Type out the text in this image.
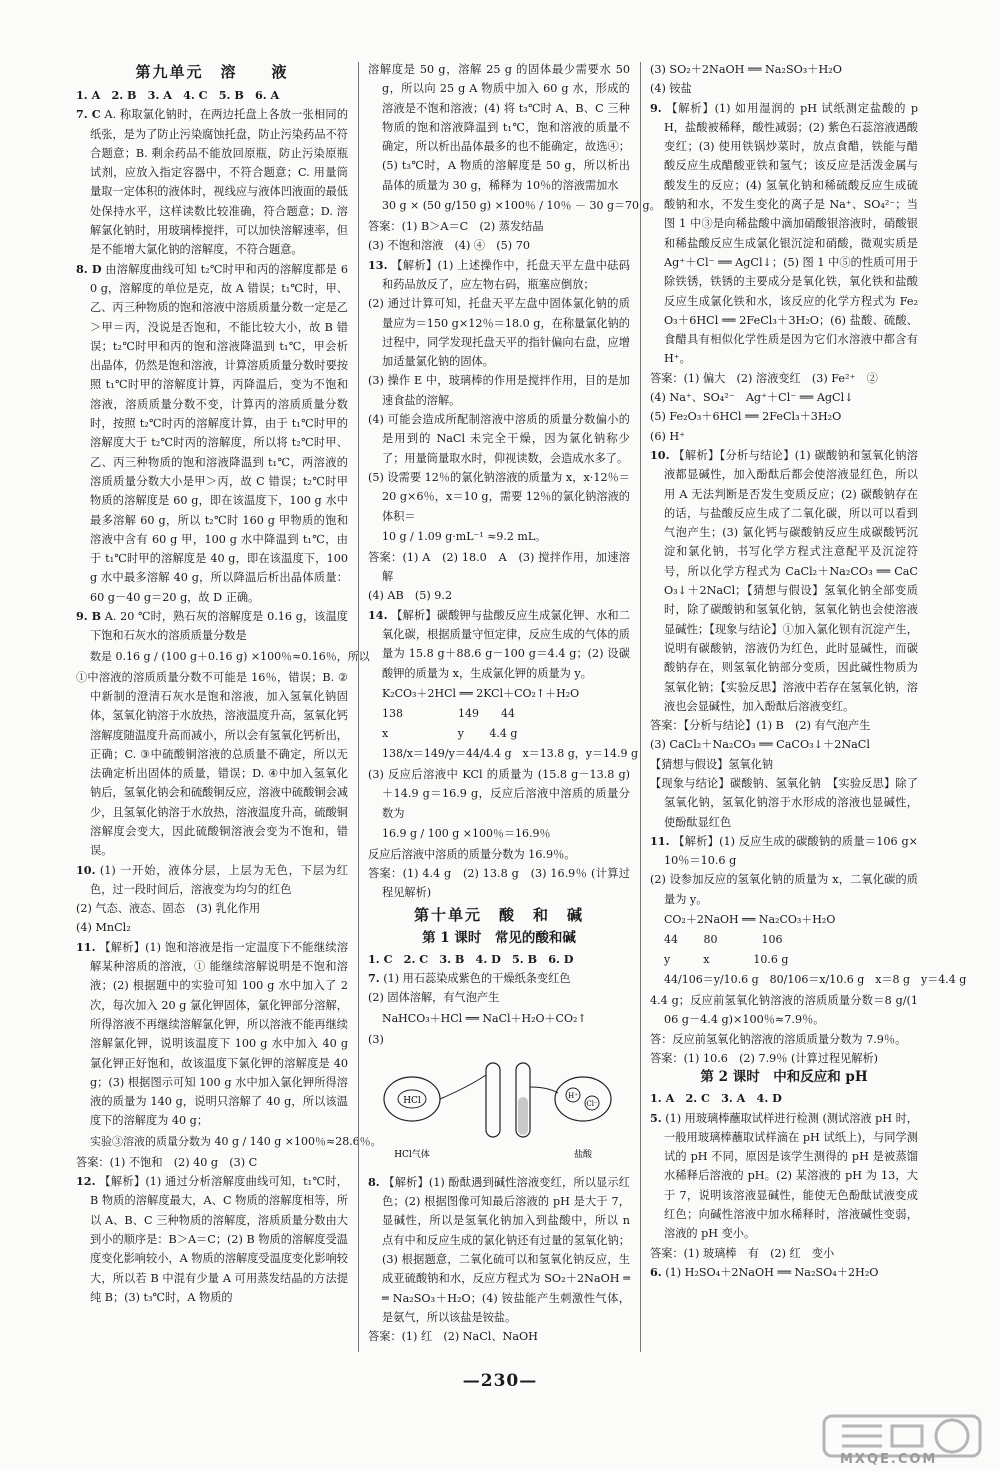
第九单元　溶　　液
1. A　2. B　3. A　4. C　5. B　6. A
7. C A. 称取氯化钠时，在两边托盘上各放一张相同的纸张，是为了防止污染腐蚀托盘，防止污染药品不符合题意；B. 剩余药品不能放回原瓶，防止污染原瓶试剂，应放入指定容器中，不符合题意；C. 用量筒量取一定体积的液体时，视线应与液体凹液面的最低处保持水平，这样读数比较准确，符合题意；D. 溶解氯化钠时，用玻璃棒搅拌，可以加快溶解速率，但是不能增大氯化钠的溶解度，不符合题意。
8. D 由溶解度曲线可知 t₂℃时甲和丙的溶解度都是 60 g，溶解度的单位是克，故 A 错误；t₁℃时，甲、乙、丙三种物质的饱和溶液中溶质质量分数一定是乙＞甲＝丙，没说是否饱和，不能比较大小，故 B 错误；t₂℃时甲和丙的饱和溶液降温到 t₁℃，甲会析出晶体，仍然是饱和溶液，计算溶质质量分数时要按照 t₁℃时甲的溶解度计算，丙降温后，变为不饱和溶液，溶质质量分数不变，计算丙的溶质质量分数时，按照 t₂℃时丙的溶解度计算，由于 t₁℃时甲的溶解度大于 t₂℃时丙的溶解度，所以将 t₂℃时甲、乙、丙三种物质的饱和溶液降温到 t₁℃，两溶液的溶质质量分数大小是甲＞丙，故 C 错误；t₂℃时甲物质的溶解度是 60 g，即在该温度下，100 g 水中最多溶解 60 g，所以 t₂℃时 160 g 甲物质的饱和溶液中含有 60 g 甲，100 g 水中降温到 t₁℃，由于 t₁℃时甲的溶解度是 40 g，即在该温度下，100 g 水中最多溶解 40 g，所以降温后析出晶体质量：60 g－40 g＝20 g，故 D 正确。
9. B A. 20 ℃时，熟石灰的溶解度是 0.16 g，该温度下饱和石灰水的溶质质量分数是
数是 0.16 g / (100 g＋0.16 g) ×100％≈0.16％，所以
①中溶液的溶质质量分数不可能是 16％，错误；B. ②中新制的澄清石灰水是饱和溶液，加入氢氧化钠固体，氢氧化钠溶于水放热，溶液温度升高，氢氧化钙溶解度随温度升高而减小，所以会有氢氧化钙析出，正确；C. ③中硫酸铜溶液的总质量不确定，所以无法确定析出固体的质量，错误；D. ④中加入氢氧化钠后，氢氧化钠会和硫酸铜反应，溶液中硫酸铜会减少，且氢氧化钠溶于水放热，溶液温度升高，硫酸铜溶解度会变大，因此硫酸铜溶液会变为不饱和，错误。
10. (1) 一开始，液体分层，上层为无色，下层为红色，过一段时间后，溶液变为均匀的红色
(2) 气态、液态、固态　(3) 乳化作用
(4) MnCl₂
11. 【解析】(1) 饱和溶液是指一定温度下不能继续溶解某种溶质的溶液，① 能继续溶解说明是不饱和溶液；(2) 根据题中的实验可知 100 g 水中加入了 2 次，每次加入 20 g 氯化钾固体，氯化钾部分溶解，所得溶液不再继续溶解氯化钾，所以溶液不能再继续溶解氯化钾，说明该温度下 100 g 水中加入 40 g 氯化钾正好饱和，故该温度下氯化钾的溶解度是 40 g；(3) 根据图示可知 100 g 水中加入氯化钾所得溶液的质量为 140 g，说明只溶解了 40 g，所以该温度下的溶解度为 40 g；
实验③溶液的质量分数为 40 g / 140 g ×100％≈28.6％。
答案：(1) 不饱和　(2) 40 g　(3) C
12. 【解析】(1) 通过分析溶解度曲线可知，t₁℃时，B 物质的溶解度最大，A、C 物质的溶解度相等，所以 A、B、C 三种物质的溶解度，溶质质量分数由大到小的顺序是：B＞A＝C；(2) B 物质的溶解度受温度变化影响较小，A 物质的溶解度受温度变化影响较大，所以若 B 中混有少量 A 可用蒸发结晶的方法提纯 B；(3) t₃℃时，A 物质的
溶解度是 50 g，溶解 25 g 的固体最少需要水 50 g，所以向 25 g A 物质中加入 60 g 水，形成的溶液是不饱和溶液；(4) 将 t₃℃时 A、B、C 三种物质的饱和溶液降温到 t₁℃，饱和溶液的质量不确定，所以析出晶体最多的也不能确定，故选④；(5) t₃℃时，A 物质的溶解度是 50 g，所以析出晶体的质量为 30 g，稀释为 10％的溶液需加水
30 g × (50 g/150 g) ×100％ / 10％ － 30 g＝70 g。
答案：(1) B＞A＝C　(2) 蒸发结晶
(3) 不饱和溶液　(4) ④　(5) 70
13. 【解析】(1) 上述操作中，托盘天平左盘中砝码和药品放反了，应左物右码，瓶塞应倒放；
(2) 通过计算可知，托盘天平左盘中固体氯化钠的质量应为＝150 g×12％＝18.0 g，在称量氯化钠的过程中，同学发现托盘天平的指针偏向右盘，应增加适量氯化钠的固体。
(3) 操作 E 中，玻璃棒的作用是搅拌作用，目的是加速食盐的溶解。
(4) 可能会造成所配制溶液中溶质的质量分数偏小的是用到的 NaCl 未完全干燥，因为氯化钠称少了；用量筒量取水时，仰视读数，会造成水多了。
(5) 设需要 12％的氯化钠溶液的质量为 x，x·12％＝20 g×6％，x＝10 g，需要 12％的氯化钠溶液的体积＝
10 g / 1.09 g·mL⁻¹ ≈9.2 mL。
答案：(1) A　(2) 18.0　A　(3) 搅拌作用，加速溶解
(4) AB　(5) 9.2
14. 【解析】碳酸钾与盐酸反应生成氯化钾、水和二氧化碳，根据质量守恒定律，反应生成的气体的质量为 15.8 g＋88.6 g－100 g＝4.4 g；(2) 设碳酸钾的质量为 x，生成氯化钾的质量为 y。
K₂CO₃＋2HCl ══ 2KCl＋CO₂↑＋H₂O
138　　　　　149　　44
x　　　　　　 y　　 4.4 g
138/x＝149/y＝44/4.4 g　x＝13.8 g，y＝14.9 g
(3) 反应后溶液中 KCl 的质量为 (15.8 g－13.8 g)＋14.9 g＝16.9 g，反应后溶液中溶质的质量分数为
16.9 g / 100 g ×100％＝16.9％
反应后溶液中溶质的质量分数为 16.9％。
答案：(1) 4.4 g　(2) 13.8 g　(3) 16.9％ (计算过程见解析)
第十单元　酸　和　碱
第 1 课时　常见的酸和碱
1. C　2. C　3. B　4. D　5. B　6. D
7. (1) 用石蕊染成紫色的干燥纸条变红色
(2) 固体溶解，有气泡产生
NaHCO₃＋HCl ══ NaCl＋H₂O＋CO₂↑
(3)
HCl	H⁺
Cl⁻
HCl气体	盐酸
8. 【解析】(1) 酚酞遇到碱性溶液变红，所以显示红色；(2) 根据图像可知最后溶液的 pH 是大于 7，显碱性，所以是氢氧化钠加入到盐酸中，所以 n 点有中和反应生成的氯化钠还有过量的氢氧化钠；(3) 根据题意，二氧化硫可以和氢氧化钠反应，生成亚硫酸钠和水，反应方程式为 SO₂＋2NaOH ══ Na₂SO₃＋H₂O；(4) 铵盐能产生刺激性气体，是氨气，所以该盐是铵盐。
答案：(1) 红　(2) NaCl、NaOH
(3) SO₂＋2NaOH ══ Na₂SO₃＋H₂O
(4) 铵盐
9. 【解析】(1) 如用湿润的 pH 试纸测定盐酸的 pH，盐酸被稀释，酸性减弱；(2) 紫色石蕊溶液遇酸变红；(3) 使用铁锅炒菜时，放点食醋，铁能与醋酸反应生成醋酸亚铁和氢气；该反应是活泼金属与酸发生的反应；(4) 氢氧化钠和稀硫酸反应生成硫酸钠和水，不发生变化的离子是 Na⁺、SO₄²⁻；当图 1 中③是向稀盐酸中滴加硝酸银溶液时，硝酸银和稀盐酸反应生成氯化银沉淀和硝酸，微观实质是 Ag⁺＋Cl⁻ ══ AgCl↓；(5) 图 1 中⑤的性质可用于除铁锈，铁锈的主要成分是氧化铁，氧化铁和盐酸反应生成氯化铁和水，该反应的化学方程式为 Fe₂O₃＋6HCl ══ 2FeCl₃＋3H₂O；(6) 盐酸、硫酸、食醋具有相似化学性质是因为它们水溶液中都含有 H⁺。
答案：(1) 偏大　(2) 溶液变红　(3) Fe²⁺　②
(4) Na⁺、SO₄²⁻　Ag⁺＋Cl⁻ ══ AgCl↓
(5) Fe₂O₃＋6HCl ══ 2FeCl₃＋3H₂O
(6) H⁺
10. 【解析】【分析与结论】(1) 碳酸钠和氢氧化钠溶液都显碱性，加入酚酞后都会使溶液显红色，所以用 A 无法判断是否发生变质反应；(2) 碳酸钠存在的话，与盐酸反应生成了二氧化碳，所以可以看到气泡产生；(3) 氯化钙与碳酸钠反应生成碳酸钙沉淀和氯化钠，书写化学方程式注意配平及沉淀符号，所以化学方程式为 CaCl₂＋Na₂CO₃ ══ CaCO₃↓＋2NaCl；【猜想与假设】氢氧化钠全部变质时，除了碳酸钠和氢氧化钠，氢氧化钠也会使溶液显碱性；【现象与结论】①加入氯化钡有沉淀产生，说明有碳酸钠，溶液仍为红色，此时显碱性，而碳酸钠存在，则氢氧化钠部分变质，因此碱性物质为氢氧化钠；【实验反思】溶液中若存在氢氧化钠，溶液也会显碱性，加入酚酞后溶液变红。
答案：【分析与结论】(1) B　(2) 有气泡产生
(3) CaCl₂＋Na₂CO₃ ══ CaCO₃↓＋2NaCl
【猜想与假设】氢氧化钠
【现象与结论】碳酸钠、氢氧化钠　【实验反思】除了氢氧化钠，氢氧化钠溶于水形成的溶液也显碱性，使酚酞显红色
11. 【解析】(1) 反应生成的碳酸钠的质量＝106 g×10％＝10.6 g
(2) 设参加反应的氢氧化钠的质量为 x，二氧化碳的质量为 y。
CO₂＋2NaOH ══ Na₂CO₃＋H₂O
44　　 80　　　　106
y　　　x　　　　10.6 g
44/106＝y/10.6 g　80/106＝x/10.6 g　x＝8 g　y＝4.4 g
4.4 g；反应前氢氧化钠溶液的溶质质量分数＝8 g/(106 g－4.4 g)×100％≈7.9％。
答：反应前氢氧化钠溶液的溶质质量分数为 7.9％。
答案：(1) 10.6　(2) 7.9％ (计算过程见解析)
第 2 课时　中和反应和 pH
1. A　2. C　3. A　4. D
5. (1) 用玻璃棒蘸取试样进行检测 (测试溶液 pH 时，一般用玻璃棒蘸取试样滴在 pH 试纸上)，与同学测试的 pH 不同，原因是该学生测得的 pH 是被蒸馏水稀释后溶液的 pH。(2) 某溶液的 pH 为 13，大于 7，说明该溶液显碱性，能使无色酚酞试液变成红色；向碱性溶液中加水稀释时，溶液碱性变弱，溶液的 pH 变小。
答案：(1) 玻璃棒　有　(2) 红　变小
6. (1) H₂SO₄＋2NaOH ══ Na₂SO₄＋2H₂O
—230—
MXQE.COM
